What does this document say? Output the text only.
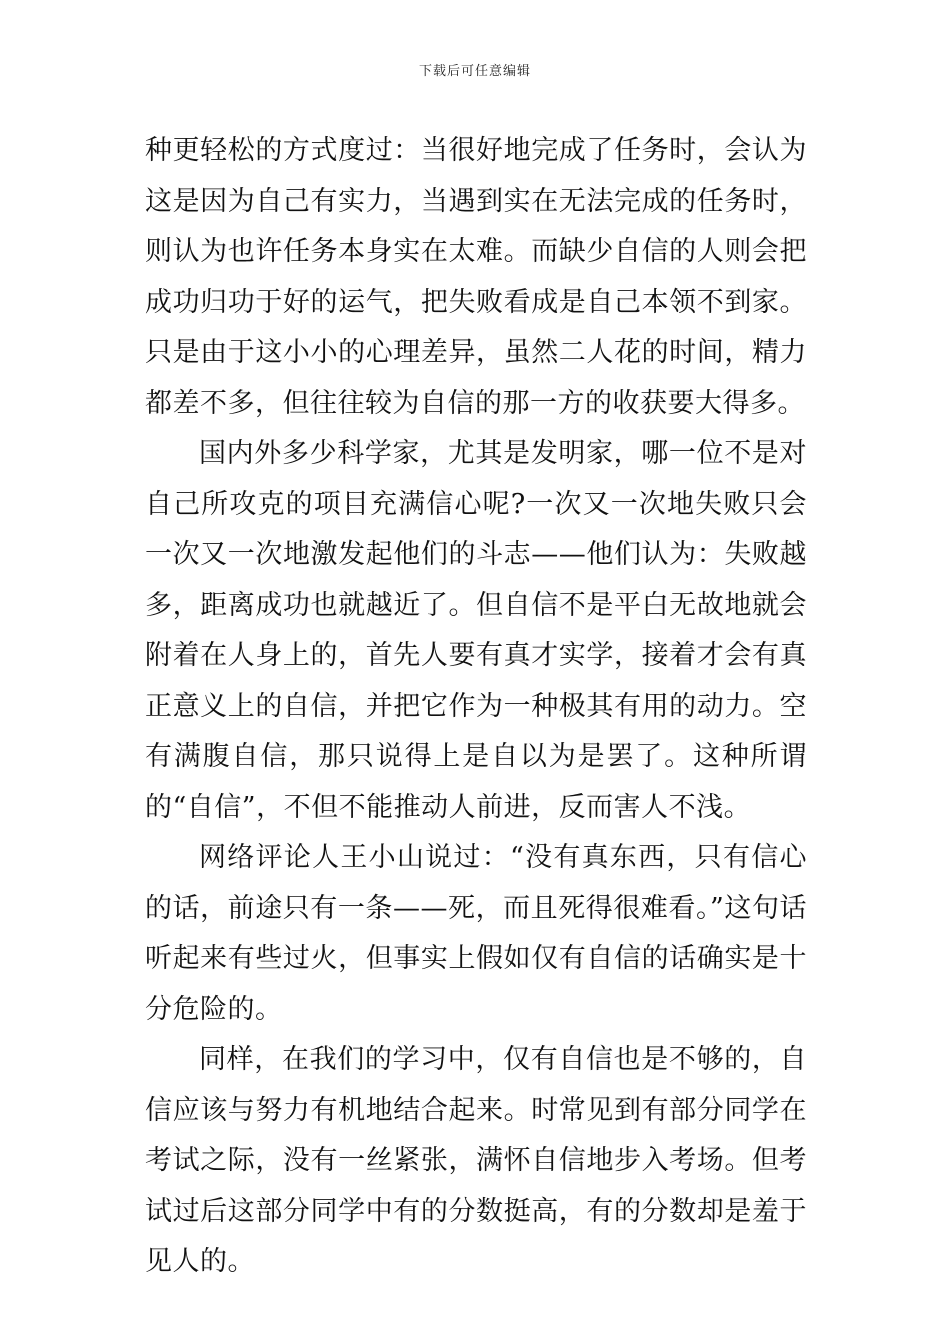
下载后可任意编辑

种更轻松的方式度过：当很好地完成了任务时，会认为这是因为自己有实力，当遇到实在无法完成的任务时，则认为也许任务本身实在太难。而缺少自信的人则会把成功归功于好的运气，把失败看成是自己本领不到家。只是由于这小小的心理差异，虽然二人花的时间，精力都差不多，但往往较为自信的那一方的收获要大得多。

国内外多少科学家，尤其是发明家，哪一位不是对自己所攻克的项目充满信心呢?一次又一次地失败只会一次又一次地激发起他们的斗志——他们认为：失败越多，距离成功也就越近了。但自信不是平白无故地就会附着在人身上的，首先人要有真才实学，接着才会有真正意义上的自信，并把它作为一种极其有用的动力。空有满腹自信，那只说得上是自以为是罢了。这种所谓的“自信”，不但不能推动人前进，反而害人不浅。

网络评论人王小山说过：“没有真东西，只有信心的话，前途只有一条——死，而且死得很难看。”这句话听起来有些过火，但事实上假如仅有自信的话确实是十分危险的。

同样，在我们的学习中，仅有自信也是不够的，自信应该与努力有机地结合起来。时常见到有部分同学在考试之际，没有一丝紧张，满怀自信地步入考场。但考试过后这部分同学中有的分数挺高，有的分数却是羞于见人的。
